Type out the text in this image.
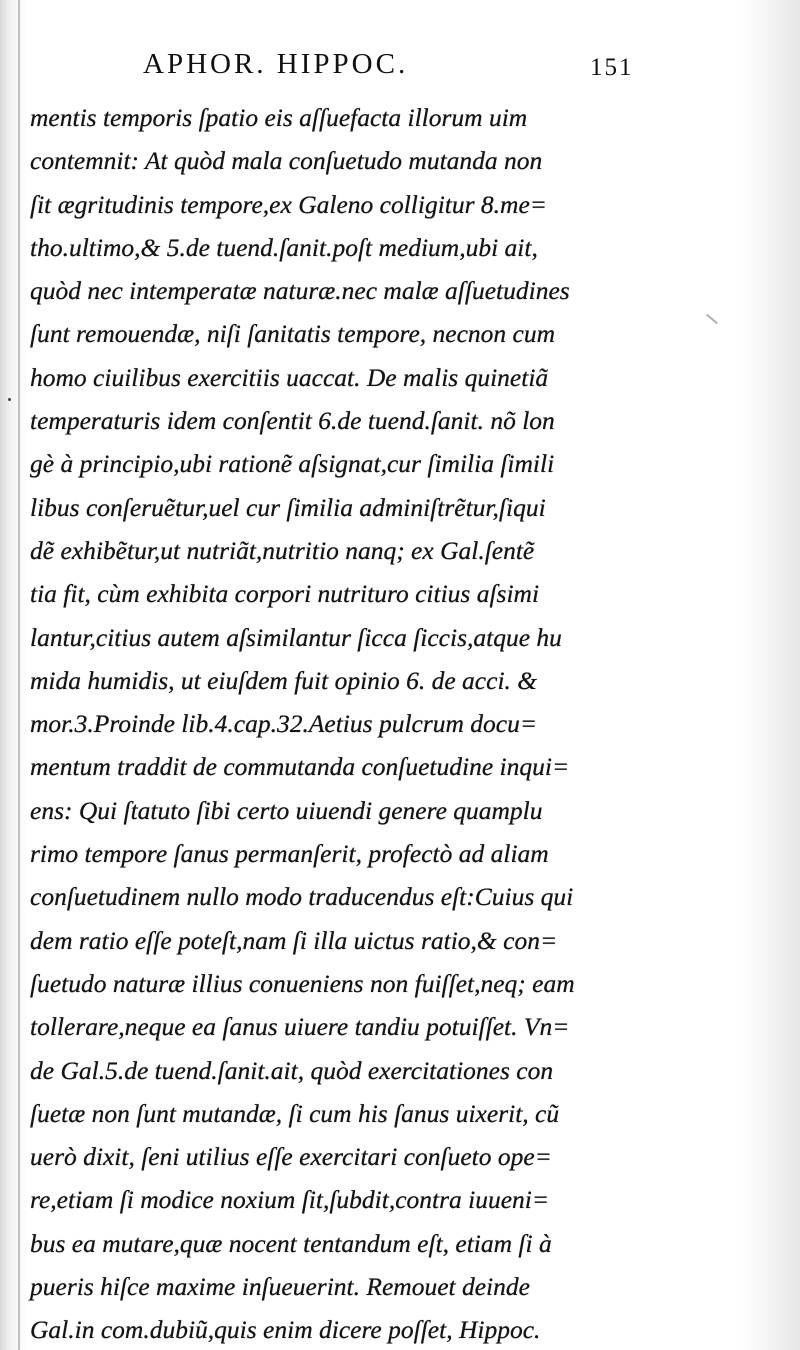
APHOR. HIPPOC.	151
mentis temporis ſpatio eis aſſuefacta illorum uim
contemnit: At quòd mala conſuetudo mutanda non
ſit ægritudinis tempore,ex Galeno colligitur 8.me=
tho.ultimo,& 5.de tuend.ſanit.poſt medium,ubi ait,
quòd nec intemperatæ naturæ.nec malæ aſſuetudines
ſunt remouendæ, niſi ſanitatis tempore, necnon cum
homo ciuilibus exercitiis uaccat. De malis quinetiã
temperaturis idem conſentit 6.de tuend.ſanit. nõ lon
gè à principio,ubi rationẽ aſsignat,cur ſimilia ſimili
libus conſeruẽtur,uel cur ſimilia adminiſtrẽtur,ſiqui
dẽ exhibẽtur,ut nutriãt,nutritio nanq; ex Gal.ſentẽ
tia fit, cùm exhibita corpori nutrituro citius aſsimi
lantur,citius autem aſsimilantur ſicca ſiccis,atque hu
mida humidis, ut eiuſdem fuit opinio 6. de acci. &
mor.3.Proinde lib.4.cap.32.Aetius pulcrum docu=
mentum traddit de commutanda conſuetudine inqui=
ens: Qui ſtatuto ſibi certo uiuendi genere quamplu
rimo tempore ſanus permanſerit, profectò ad aliam
conſuetudinem nullo modo traducendus eſt:Cuius qui
dem ratio eſſe poteſt,nam ſi illa uictus ratio,& con=
ſuetudo naturæ illius conueniens non fuiſſet,neq; eam
tollerare,neque ea ſanus uiuere tandiu potuiſſet. Vn=
de Gal.5.de tuend.ſanit.ait, quòd exercitationes con
ſuetæ non ſunt mutandæ, ſi cum his ſanus uixerit, cũ
uerò dixit, ſeni utilius eſſe exercitari conſueto ope=
re,etiam ſi modice noxium ſit,ſubdit,contra iuueni=
bus ea mutare,quæ nocent tentandum eſt, etiam ſi à
pueris hiſce maxime inſueuerint. Remouet deinde
Gal.in com.dubiũ,quis enim dicere poſſet, Hippoc.
